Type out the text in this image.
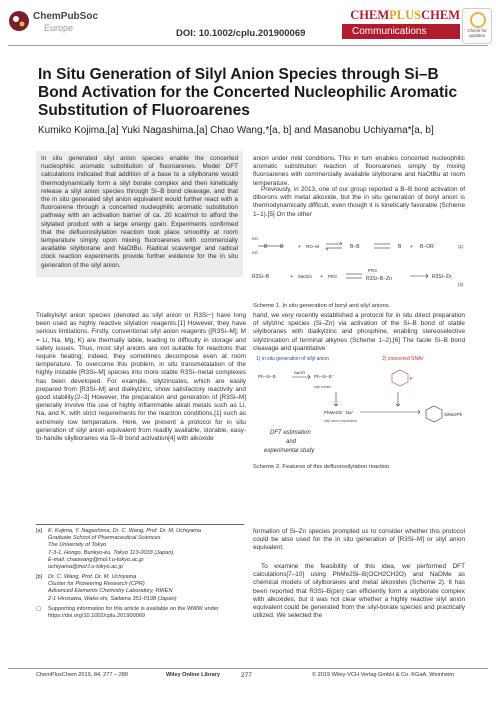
ChemPubSoc
Europe	DOI: 10.1002/cplu.201900069
CHEMPLUSCHEM
Communications	Check for updates
In Situ Generation of Silyl Anion Species through Si–B Bond Activation for the Concerted Nucleophilic Aromatic Substitution of Fluoroarenes
Kumiko Kojima,[a] Yuki Nagashima,[a] Chao Wang,*[a, b] and Masanobu Uchiyama*[a, b]
In situ generated silyl anion species enable the concerted nucleophilic aromatic substitution of fluoroarenes. Model DFT calculations indicated that addition of a base to a silylborane would thermodynamically form a silyl borate complex and then kinetically release a silyl anion species through Si–B bond cleavage, and that the in situ generated silyl anion equivalent would further react with a fluoroarene through a concerted nucleophilic aromatic substitution pathway with an activation barrier of ca. 20 kcal/mol to afford the silylated product with a large energy gain. Experiments confirmed that the defluorosilylation reaction took place smoothly at room temperature simply upon mixing fluoroarenes with commercially available silylborane and NaOtBu. Radical scavenger and radical clock reaction experiments provide further evidence for the in situ generation of the silyl anion.
anion under mild conditions. This in turn enables concerted nucleophilic aromatic substitution reaction of fluoroarenes simply by mixing fluoroarenes with commercially available silylborane and NaOtBu at room temperature.
Previously, in 2013, one of our group reported a B–B bond activation of diborons with metal alkoxide, but the in situ generation of boryl anion is thermodynamically difficult, even though it is kinetically favorable (Scheme 1–1).[5] On the other
B	B
RO
RO
+ RO−M	B−B	B + B−OR	(1)
R3Si−B	+ Me2Zn + PR3
PR3
R3Si−B−Zn	R3Si−Zn
(2)
Scheme 1. In situ generation of boryl and silyl anions.
Trialkylsilyl anion species (denoted as silyl anion or R3Si−) have long been used as highly reactive silylation reagents.[1] However, they have serious limitations. Firstly, conventional silyl anion reagents ([R3Si–M]; M = Li, Na, Mg, K) are thermally labile, leading to difficulty in storage and safety issues. Thus, most silyl anions are not suitable for reactions that require heating; indeed, they sometimes decompose even at room temperature. To overcome this problem, in situ transmetalation of the highly instable [R3Si–M] species into more stable R3Si–metal complexes has been developed. For example, silylzincates, which are easily prepared from [R3Si–M] and dialkylzinc, show satisfactory reactivity and good stability.[2–3] However, the preparation and generation of [R3Si–M] generally involve the use of highly inflammable alkali metals such as Li, Na, and K, with strict requirements for the reaction conditions,[1] such as extremely low temperature. Here, we present a protocol for in situ generation of silyl anion equivalent from readily available, storable, easy-to-handle silylboranes via Si–B bond activation[4] with alkoxide
hand, we very recently established a protocol for in situ direct preparation of silylzinc species (Si–Zn) via activation of the Si–B bond of stable silylboranes with dialkylzinc and phosphine, enabling stereoselective silylzincation of terminal alkynes (Scheme 1–2).[6] The facile Si–B bond cleavage and quantitative
1) in situ generation of silyl anion	2) concerted SNAr
Ph−Si−B
NaOR
Ph−Si−B⁻
silyl borate
PhMe2Si⁻ Na⁺
silyl anion equivalent
F
SiMe2Ph
DFT estimation
and
experimental study
Scheme 2. Features of this defluorosilylation reaction.
[a]	K. Kojima, Y. Nagashima, Dr. C. Wang, Prof. Dr. M. Uchiyama
Graduate School of Pharmaceutical Sciences
The University of Tokyo
7-3-1, Hongo, Bunkyo-ku, Tokyo 113-0033 (Japan)
E-mail: chaowang@mol.f.u-tokyo.ac.jp
uchiyama@mol.f.u-tokyo.ac.jp
[b]	Dr. C. Wang, Prof. Dr. M. Uchiyama
Cluster for Pioneering Research (CPR)
Advanced Elements Chemistry Laboratory, RIKEN
2-1 Hirosawa, Wako-shi, Saitama 351-0198 (Japan)
▢	Supporting information for this article is available on the WWW under https://doi.org/10.1002/cplu.201900069
formation of Si–Zn species prompted us to consider whether this protocol could be also used for the in situ generation of [R3Si–M] or silyl anion equivalent.
To examine the feasibility of this idea, we performed DFT calculations[7–10] using PhMe2Si–B(OCH2CH2O) and NaOMe as chemical models of silylboranes and metal alkoxides (Scheme 2). It has been reported that R3Si–B(pin) can efficiently form a silylborate complex with alkoxides, but it was not clear whether a highly reactive silyl anion equivalent could be generated from the silyl-borate species and practically utilized. We selected the
ChemPlusChem 2019, 84, 277 – 280	Wiley Online Library	277	© 2019 Wiley-VCH Verlag GmbH & Co. KGaA, Weinheim
